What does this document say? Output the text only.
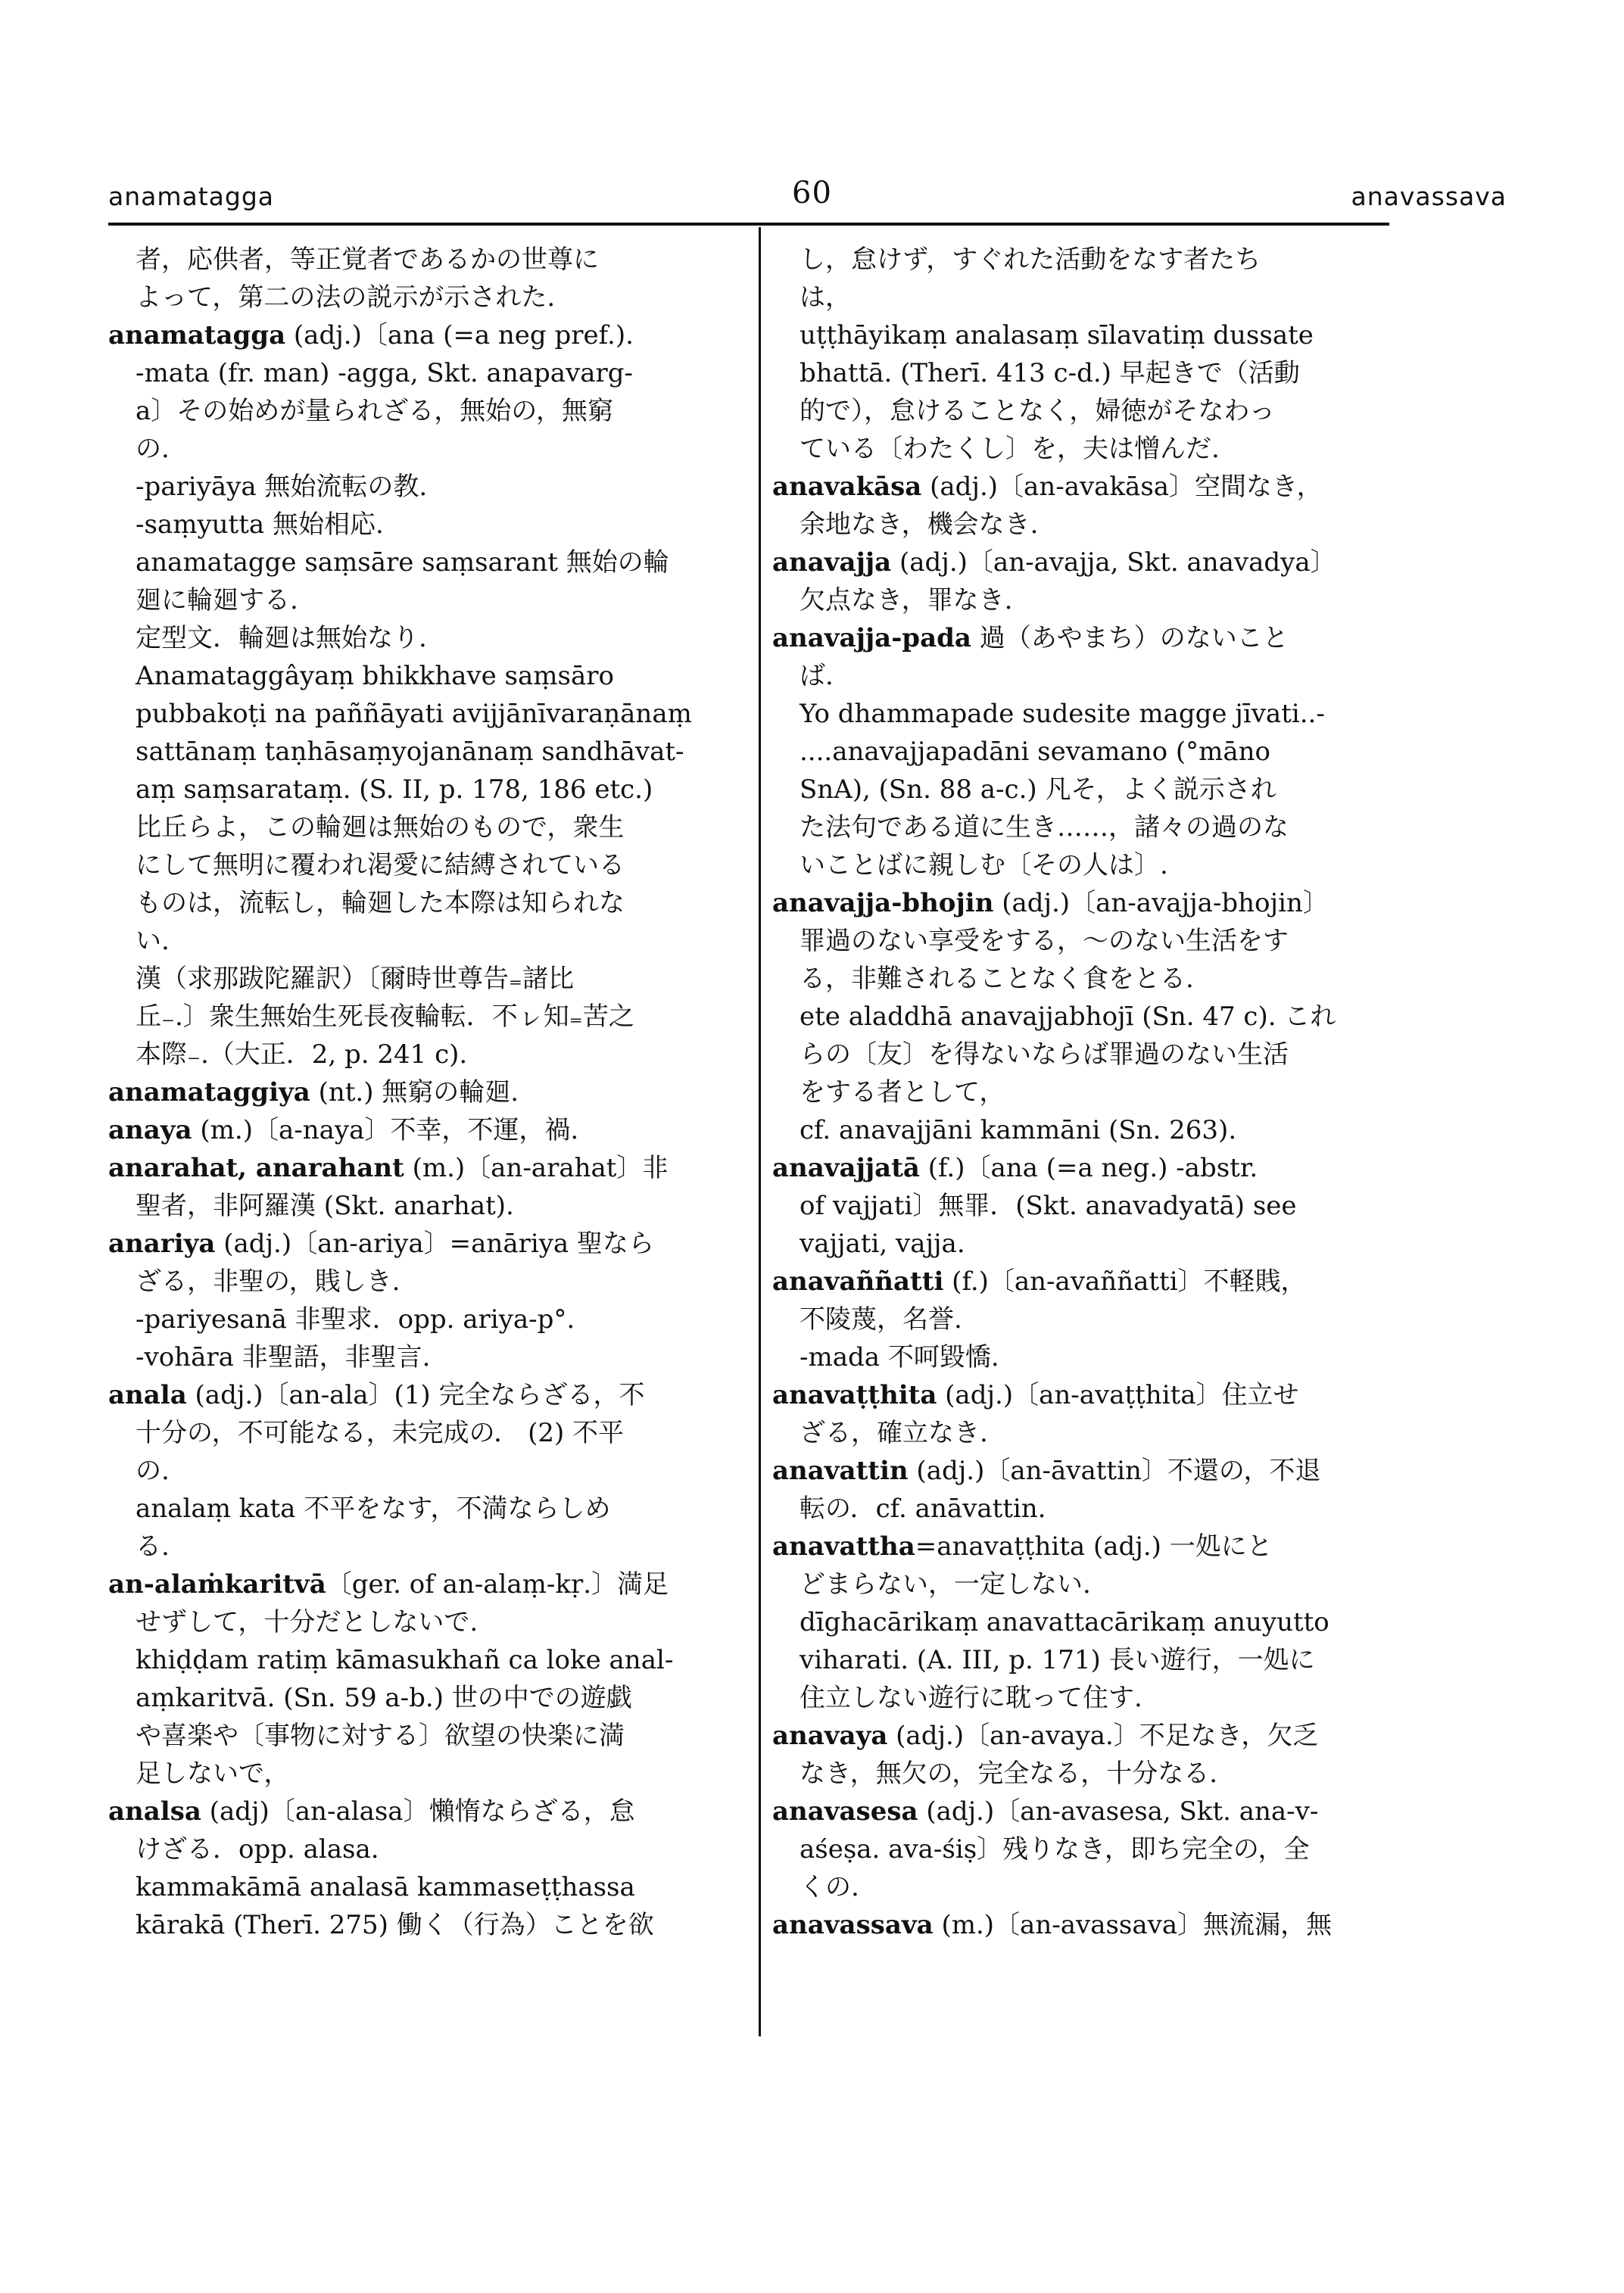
anamatagga	60	anavassava
者，応供者，等正覚者であるかの世尊に
よって，第二の法の説示が示された.
anamatagga (adj.)〔ana (=a neg pref.).
-mata (fr. man) -agga, Skt. anapavarg-
a〕その始めが量られざる，無始の，無窮
の.
-pariyāya 無始流転の教.
-saṃyutta 無始相応.
anamatagge saṃsāre saṃsarant 無始の輪
廻に輪廻する.
定型文．輪廻は無始なり.
Anamataggâyaṃ bhikkhave saṃsāro
pubbakoṭi na paññāyati avijjānīvaraṇānaṃ
sattānaṃ taṇhāsaṃyojanānaṃ sandhāvat-
aṃ saṃsarataṃ. (S. II, p. 178, 186 etc.)
比丘らよ，この輪廻は無始のもので，衆生
にして無明に覆われ渇愛に結縛されている
ものは，流転し，輪廻した本際は知られな
い.
漢（求那跋陀羅訳）〔爾時世尊告₌諸比
丘₋.〕衆生無始生死長夜輪転．不ㇾ知₌苦之
本際₋.（大正．2, p. 241 c).
anamataggiya (nt.) 無窮の輪廻.
anaya (m.)〔a-naya〕不幸，不運，禍.
anarahat, anarahant (m.)〔an-arahat〕非
聖者，非阿羅漢 (Skt. anarhat).
anariya (adj.)〔an-ariya〕=anāriya 聖なら
ざる，非聖の，賎しき.
-pariyesanā 非聖求．opp. ariya-p°.
-vohāra 非聖語，非聖言.
anala (adj.)〔an-ala〕(1) 完全ならざる，不
十分の，不可能なる，未完成の． (2) 不平
の.
analaṃ kata 不平をなす，不満ならしめ
る.
an-alaṁkaritvā〔ger. of an-alaṃ-kṛ.〕満足
せずして，十分だとしないで.
khiḍḍam ratiṃ kāmasukhañ ca loke anal-
aṃkaritvā. (Sn. 59 a-b.) 世の中での遊戯
や喜楽や〔事物に対する〕欲望の快楽に満
足しないで，
analsa (adj)〔an-alasa〕懶惰ならざる，怠
けざる．opp. alasa.
kammakāmā analasā kammaseṭṭhassa
kārakā (Therī. 275) 働く（行為）ことを欲
し，怠けず，すぐれた活動をなす者たち
は，
uṭṭhāyikaṃ analasaṃ sīlavatiṃ dussate
bhattā. (Therī. 413 c-d.) 早起きで（活動
的で），怠けることなく，婦徳がそなわっ
ている〔わたくし〕を，夫は憎んだ.
anavakāsa (adj.)〔an-avakāsa〕空間なき，
余地なき，機会なき.
anavajja (adj.)〔an-avajja, Skt. anavadya〕
欠点なき，罪なき.
anavajja-pada 過（あやまち）のないこと
ば.
Yo dhammapade sudesite magge jīvati..-
....anavajjapadāni sevamano (°māno
SnA), (Sn. 88 a-c.) 凡そ，よく説示され
た法句である道に生き……，諸々の過のな
いことばに親しむ〔その人は〕.
anavajja-bhojin (adj.)〔an-avajja-bhojin〕
罪過のない享受をする，〜のない生活をす
る，非難されることなく食をとる.
ete aladdhā anavajjabhojī (Sn. 47 c). これ
らの〔友〕を得ないならば罪過のない生活
をする者として，
cf. anavajjāni kammāni (Sn. 263).
anavajjatā (f.)〔ana (=a neg.) -abstr.
of vajjati〕無罪．(Skt. anavadyatā) see
vajjati, vajja.
anavaññatti (f.)〔an-avaññatti〕不軽賎，
不陵蔑，名誉.
-mada 不呵毀憍.
anavaṭṭhita (adj.)〔an-avaṭṭhita〕住立せ
ざる，確立なき.
anavattin (adj.)〔an-āvattin〕不還の，不退
転の．cf. anāvattin.
anavattha=anavaṭṭhita (adj.) 一処にと
どまらない，一定しない.
dīghacārikaṃ anavattacārikaṃ anuyutto
viharati. (A. III, p. 171) 長い遊行，一処に
住立しない遊行に耽って住す.
anavaya (adj.)〔an-avaya.〕不足なき，欠乏
なき，無欠の，完全なる，十分なる.
anavasesa (adj.)〔an-avasesa, Skt. ana-v-
aśeṣa. ava-śiṣ〕残りなき，即ち完全の，全
くの.
anavassava (m.)〔an-avassava〕無流漏，無
